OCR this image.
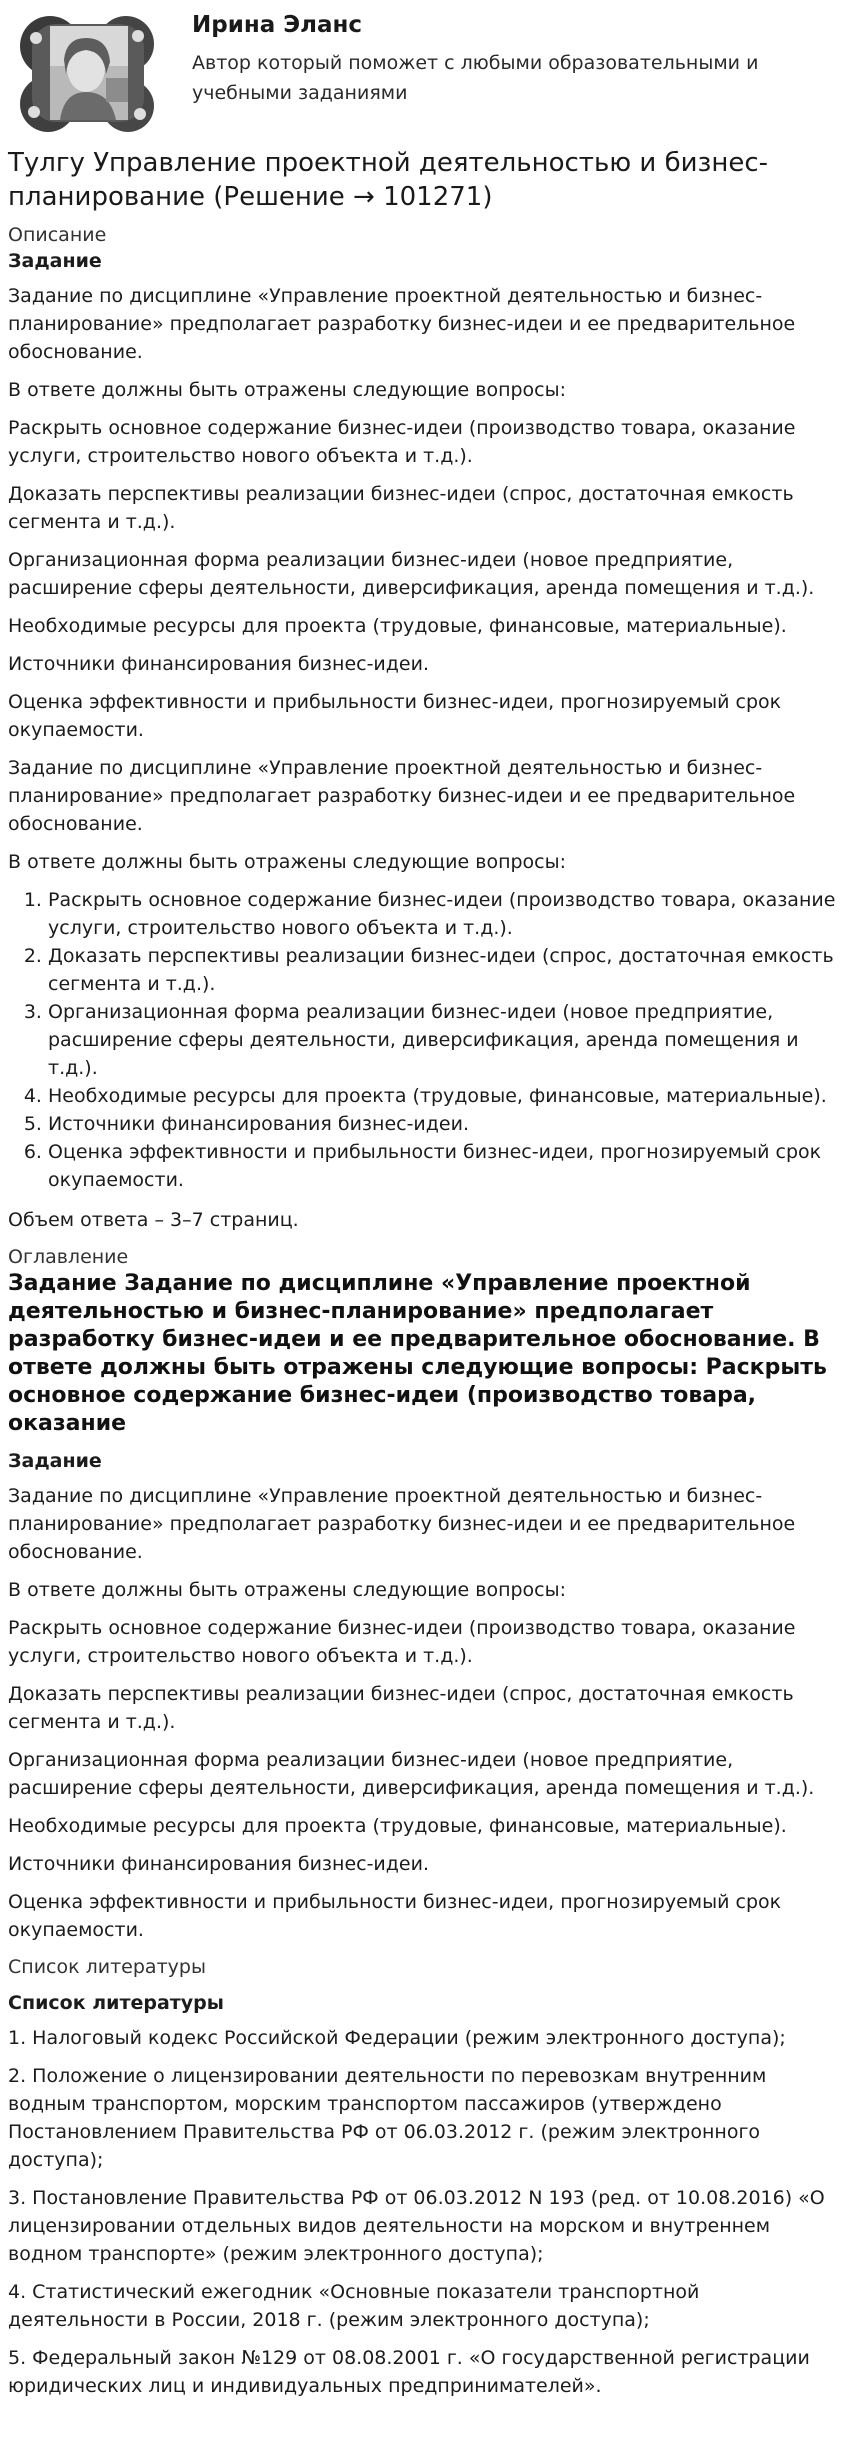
Ирина Эланс
Автор который поможет с любыми образовательными и учебными заданиями
Тулгу Управление проектной деятельностью и бизнес-планирование (Решение → 101271)
Описание
Задание

Задание по дисциплине «Управление проектной деятельностью и бизнес-планирование» предполагает разработку бизнес-идеи и ее предварительное обоснование.

В ответе должны быть отражены следующие вопросы:

Раскрыть основное содержание бизнес-идеи (производство товара, оказание услуги, строительство нового объекта и т.д.).

Доказать перспективы реализации бизнес-идеи (спрос, достаточная емкость сегмента и т.д.).

Организационная форма реализации бизнес-идеи (новое предприятие, расширение сферы деятельности, диверсификация, аренда помещения и т.д.).

Необходимые ресурсы для проекта (трудовые, финансовые, материальные).

Источники финансирования бизнес-идеи.

Оценка эффективности и прибыльности бизнес-идеи, прогнозируемый срок окупаемости.

Задание по дисциплине «Управление проектной деятельностью и бизнес-планирование» предполагает разработку бизнес-идеи и ее предварительное обоснование.

В ответе должны быть отражены следующие вопросы:

1. Раскрыть основное содержание бизнес-идеи (производство товара, оказание услуги, строительство нового объекта и т.д.).
2. Доказать перспективы реализации бизнес-идеи (спрос, достаточная емкость сегмента и т.д.).
3. Организационная форма реализации бизнес-идеи (новое предприятие, расширение сферы деятельности, диверсификация, аренда помещения и т.д.).
4. Необходимые ресурсы для проекта (трудовые, финансовые, материальные).
5. Источники финансирования бизнес-идеи.
6. Оценка эффективности и прибыльности бизнес-идеи, прогнозируемый срок окупаемости.

Объем ответа – 3–7 страниц.

Оглавление
Задание Задание по дисциплине «Управление проектной деятельностью и бизнес-планирование» предполагает разработку бизнес-идеи и ее предварительное обоснование. В ответе должны быть отражены следующие вопросы: Раскрыть основное содержание бизнес-идеи (производство товара, оказание
Задание

Задание по дисциплине «Управление проектной деятельностью и бизнес-планирование» предполагает разработку бизнес-идеи и ее предварительное обоснование.

В ответе должны быть отражены следующие вопросы:

Раскрыть основное содержание бизнес-идеи (производство товара, оказание услуги, строительство нового объекта и т.д.).

Доказать перспективы реализации бизнес-идеи (спрос, достаточная емкость сегмента и т.д.).

Организационная форма реализации бизнес-идеи (новое предприятие, расширение сферы деятельности, диверсификация, аренда помещения и т.д.).

Необходимые ресурсы для проекта (трудовые, финансовые, материальные).

Источники финансирования бизнес-идеи.

Оценка эффективности и прибыльности бизнес-идеи, прогнозируемый срок окупаемости.

Список литературы
Список литературы

1. Налоговый кодекс Российской Федерации (режим электронного доступа);

2. Положение о лицензировании деятельности по перевозкам внутренним водным транспортом, морским транспортом пассажиров (утверждено Постановлением Правительства РФ от 06.03.2012 г. (режим электронного доступа);

3. Постановление Правительства РФ от 06.03.2012 N 193 (ред. от 10.08.2016) «О лицензировании отдельных видов деятельности на морском и внутреннем водном транспорте» (режим электронного доступа);

4. Статистический ежегодник «Основные показатели транспортной деятельности в России, 2018 г. (режим электронного доступа);

5. Федеральный закон №129 от 08.08.2001 г. «О государственной регистрации юридических лиц и индивидуальных предпринимателей».
